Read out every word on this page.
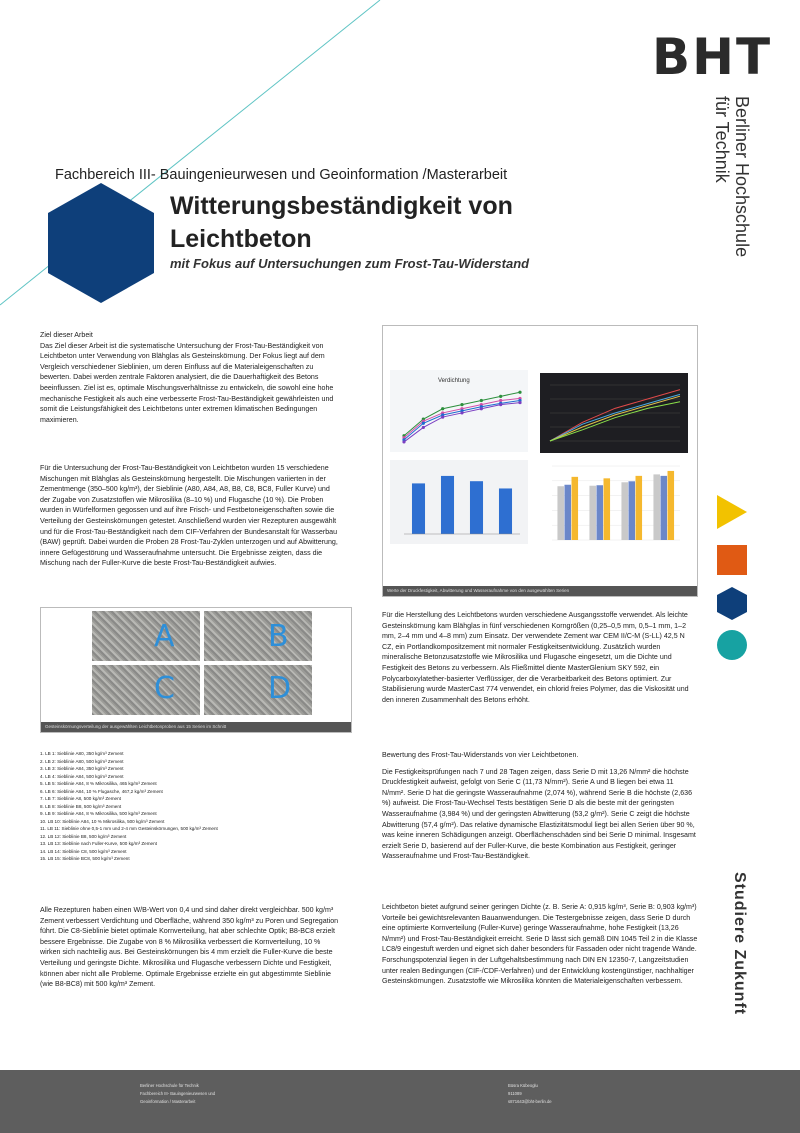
BHT
Berliner Hochschule
für Technik
Fachbereich III- Bauingenieurwesen und Geoinformation /Masterarbeit
Witterungsbeständigkeit von
Leichtbeton
mit Fokus auf Untersuchungen zum Frost-Tau-Widerstand
Ziel dieser Arbeit
Das Ziel dieser Arbeit ist die systematische Untersuchung der Frost-Tau-Beständigkeit von Leichtbeton unter Verwendung von Blähglas als Gesteinskörnung. Der Fokus liegt auf dem Vergleich verschiedener Sieblinien, um deren Einfluss auf die Materialeigenschaften zu bewerten. Dabei werden zentrale Faktoren analysiert, die die Dauerhaftigkeit des Betons beeinflussen. Ziel ist es, optimale Mischungsverhältnisse zu entwickeln, die sowohl eine hohe mechanische Festigkeit als auch eine verbesserte Frost-Tau-Beständigkeit gewährleisten und somit die Leistungsfähigkeit des Leichtbetons unter extremen klimatischen Bedingungen maximieren.
Für die Untersuchung der Frost-Tau-Beständigkeit von Leichtbeton wurden 15 verschiedene Mischungen mit Blähglas als Gesteinskörnung hergestellt. Die Mischungen variierten in der Zementmenge (350–500 kg/m³), der Sieblinie (A80, A84, A8, B8, C8, BC8, Fuller Kurve) und der Zugabe von Zusatzstoffen wie Mikrosilika (8–10 %) und Flugasche (10 %). Die Proben wurden in Würfelformen gegossen und auf ihre Frisch- und Festbetoneigenschaften sowie die Verteilung der Gesteinskörnungen getestet. Anschließend wurden vier Rezepturen ausgewählt und für die Frost-Tau-Beständigkeit nach dem CIF-Verfahren der Bundesanstalt für Wasserbau (BAW) geprüft. Dabei wurden die Proben 28 Frost-Tau-Zyklen unterzogen und auf Abwitterung, innere Gefügestörung und Wasseraufnahme untersucht. Die Ergebnisse zeigten, dass die Mischung nach der Fuller-Kurve die beste Frost-Tau-Beständigkeit aufwies.
Werte der Druckfestigkeit, Abwitterung und Wasseraufnahme von den ausgewählten Serien
Verdichtung
Gesteinskörnungsverteilung der ausgewählten Leichtbetonproben aus 15 Serien im Schnitt
A	B
C	D
1. LB 1: Sieblinie A80, 350 kg/m³ Zement
2. LB 2: Sieblinie A80, 500 kg/m³ Zement
3. LB 3: Sieblinie A84, 350 kg/m³ Zement
4. LB 4: Sieblinie A84, 500 kg/m³ Zement
5. LB 5: Sieblinie A84, 8 % Mikrosilika, 465 kg/m³ Zement
6. LB 6: Sieblinie A84, 10 % Flugasche, 467,2 kg/m³ Zement
7. LB 7: Sieblinie A8, 500 kg/m³ Zement
8. LB 8: Sieblinie B8, 500 kg/m³ Zement
9. LB 9: Sieblinie A84, 8 % Mikrosilika, 500 kg/m³ Zement
10. LB 10: Sieblinie A84, 10 % Mikrosilika, 500 kg/m³ Zement
11. LB 11: Sieblinie ohne 0,5-1 mm und 2-4 mm Gesteinskörnungen, 500 kg/m³ Zement
12. LB 12: Sieblinie B8, 500 kg/m³ Zement
13. LB 13: Sieblinie nach Fuller-Kurve, 500 kg/m³ Zement
14. LB 14: Sieblinie C8, 500 kg/m³ Zement
15. LB 15: Sieblinie BC8, 500 kg/m³ Zement
Alle Rezepturen haben einen W/B-Wert von 0,4 und sind daher direkt vergleichbar. 500 kg/m³ Zement verbessert Verdichtung und Oberfläche, während 350 kg/m³ zu Poren und Segregation führt. Die C8-Sieblinie bietet optimale Kornverteilung, hat aber schlechte Optik; B8-BC8 erzielt bessere Ergebnisse. Die Zugabe von 8 % Mikrosilika verbessert die Kornverteilung, 10 % wirken sich nachteilig aus. Bei Gesteinskörnungen bis 4 mm erzielt die Fuller-Kurve die beste Verteilung und geringste Dichte. Mikrosilika und Flugasche verbessern Dichte und Festigkeit, können aber nicht alle Probleme. Optimale Ergebnisse erzielte ein gut abgestimmte Sieblinie (wie B8-BC8) mit 500 kg/m³ Zement.
Für die Herstellung des Leichtbetons wurden verschiedene Ausgangsstoffe verwendet. Als leichte Gesteinskörnung kam Blähglas in fünf verschiedenen Korngrößen (0,25–0,5 mm, 0,5–1 mm, 1–2 mm, 2–4 mm und 4–8 mm) zum Einsatz. Der verwendete Zement war CEM II/C-M (S-LL) 42,5 N CZ, ein Portlandkompositzement mit normaler Festigkeitsentwicklung. Zusätzlich wurden mineralische Betonzusatzstoffe wie Mikrosilika und Flugasche eingesetzt, um die Dichte und Festigkeit des Betons zu verbessern. Als Fließmittel diente MasterGlenium SKY 592, ein Polycarboxylatether-basierter Verflüssiger, der die Verarbeitbarkeit des Betons optimiert. Zur Stabilisierung wurde MasterCast 774 verwendet, ein chlorid freies Polymer, das die Viskosität und den inneren Zusammenhalt des Betons erhöht.
Bewertung des Frost-Tau-Widerstands von vier Leichtbetonen.
Die Festigkeitsprüfungen nach 7 und 28 Tagen zeigen, dass Serie D mit 13,26 N/mm² die höchste Druckfestigkeit aufweist, gefolgt von Serie C (11,73 N/mm²). Serie A und B liegen bei etwa 11 N/mm². Serie D hat die geringste Wasseraufnahme (2,074 %), während Serie B die höchste (2,636 %) aufweist. Die Frost-Tau-Wechsel Tests bestätigen Serie D als die beste mit der geringsten Wasseraufnahme (3,984 %) und der geringsten Abwitterung (53,2 g/m²). Serie C zeigt die höchste Abwitterung (57,4 g/m²). Das relative dynamische Elastizitätsmodul liegt bei allen Serien über 90 %, was keine inneren Schädigungen anzeigt. Oberflächenschäden sind bei Serie D minimal. Insgesamt erzielt Serie D, basierend auf der Fuller-Kurve, die beste Kombination aus Festigkeit, geringer Wasseraufnahme und Frost-Tau-Beständigkeit.
Leichtbeton bietet aufgrund seiner geringen Dichte (z. B. Serie A: 0,915 kg/m³, Serie B: 0,903 kg/m³) Vorteile bei gewichtsrelevanten Bauanwendungen. Die Testergebnisse zeigen, dass Serie D durch eine optimierte Kornverteilung (Fuller-Kurve) geringe Wasseraufnahme, hohe Festigkeit (13,26 N/mm²) und Frost-Tau-Beständigkeit erreicht. Serie D lässt sich gemäß DIN 1045 Teil 2 in die Klasse LC8/9 eingestuft werden und eignet sich daher besonders für Fassaden oder nicht tragende Wände. Forschungspotenzial liegen in der Luftgehaltsbestimmung nach DIN EN 12350-7, Langzeitstudien unter realen Bedingungen (CIF-/CDF-Verfahren) und der Entwicklung kostengünstiger, nachhaltiger Gesteinskörnungen. Zusatzstoffe wie Mikrosilika könnten die Materialeigenschaften verbessern.	Studiere Zukunft
Berliner Hochschule für Technik
Fachbereich III- Bauingenieurwesen und
Geoinformation / Masterarbeit
Büsra Kübeoglu
911089
s871643@bht-berlin.de
